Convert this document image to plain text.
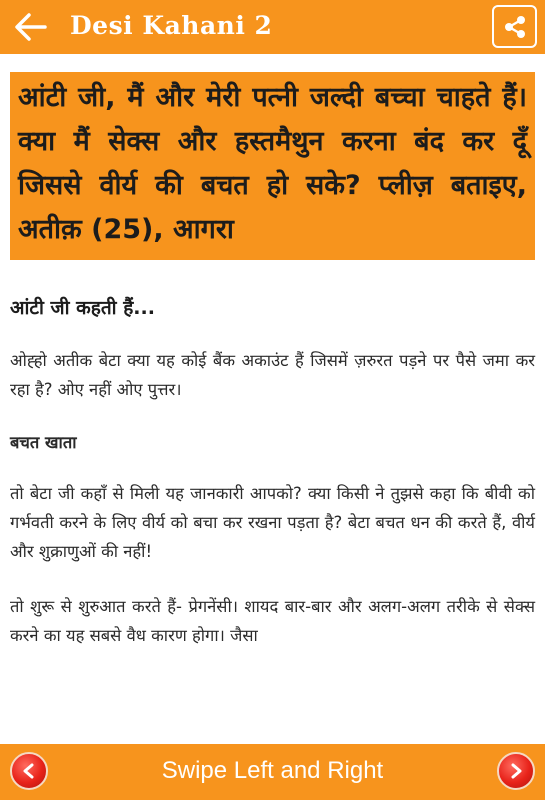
Desi Kahani 2
आंटी जी, मैं और मेरी पत्नी जल्दी बच्चा चाहते हैं। क्या मैं सेक्स और हस्तमैथुन करना बंद कर दूँ जिससे वीर्य की बचत हो सके? प्लीज़ बताइए, अतीक़ (25), आगरा
आंटी जी कहती हैं...
ओह्हो अतीक बेटा क्या यह कोई बैंक अकाउंट हैं जिसमें ज़रुरत पड़ने पर पैसे जमा कर रहा है? ओए नहीं ओए पुत्तर।
बचत खाता
तो बेटा जी कहाँ से मिली यह जानकारी आपको? क्या किसी ने तुझसे कहा कि बीवी को गर्भवती करने के लिए वीर्य को बचा कर रखना पड़ता है? बेटा बचत धन की करते हैं, वीर्य और शुक्राणुओं की नहीं!
तो शुरू से शुरुआत करते हैं- प्रेगनेंसी। शायद बार-बार और अलग-अलग तरीके से सेक्स करने का यह सबसे वैध कारण होगा। जैसा
Swipe Left and Right
